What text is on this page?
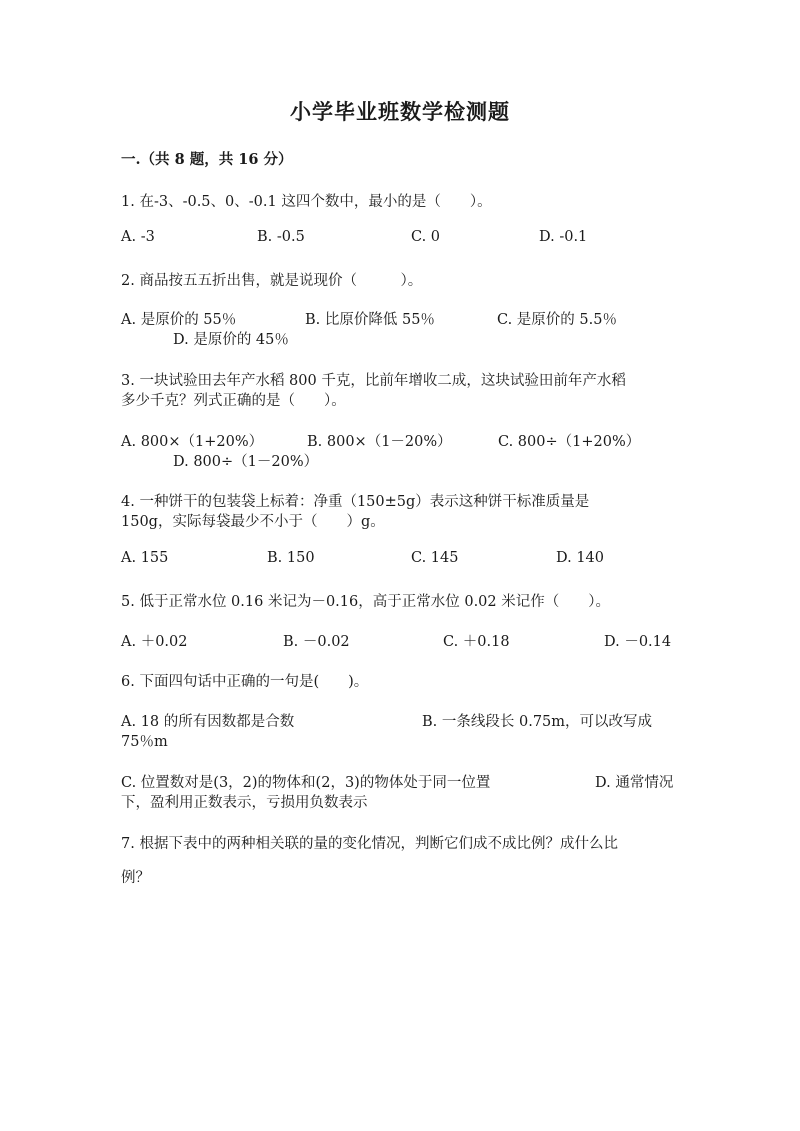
小学毕业班数学检测题
一.（共 8 题，共 16 分）
1. 在-3、-0.5、0、-0.1 这四个数中，最小的是（　　）。
A. -3	B. -0.5	C. 0	D. -0.1
2. 商品按五五折出售，就是说现价（　　　）。
A. 是原价的 55％	B. 比原价降低 55％	C. 是原价的 5.5％
D. 是原价的 45％
3. 一块试验田去年产水稻 800 千克，比前年增收二成，这块试验田前年产水稻
多少千克？列式正确的是（　　）。
A. 800×（1+20%）	B. 800×（1－20%）	C. 800÷（1+20%）
D. 800÷（1－20%）
4. 一种饼干的包装袋上标着：净重（150±5g）表示这种饼干标准质量是
150g，实际每袋最少不小于（　　）g。
A. 155	B. 150	C. 145	D. 140
5. 低于正常水位 0.16 米记为－0.16，高于正常水位 0.02 米记作（　　）。
A. ＋0.02	B. －0.02	C. ＋0.18	D. －0.14
6. 下面四句话中正确的一句是(　　)。
A. 18 的所有因数都是合数	B. 一条线段长 0.75m，可以改写成
75％m
C. 位置数对是(3，2)的物体和(2，3)的物体处于同一位置	D. 通常情况
下，盈利用正数表示，亏损用负数表示
7. 根据下表中的两种相关联的量的变化情况，判断它们成不成比例？成什么比
例？
